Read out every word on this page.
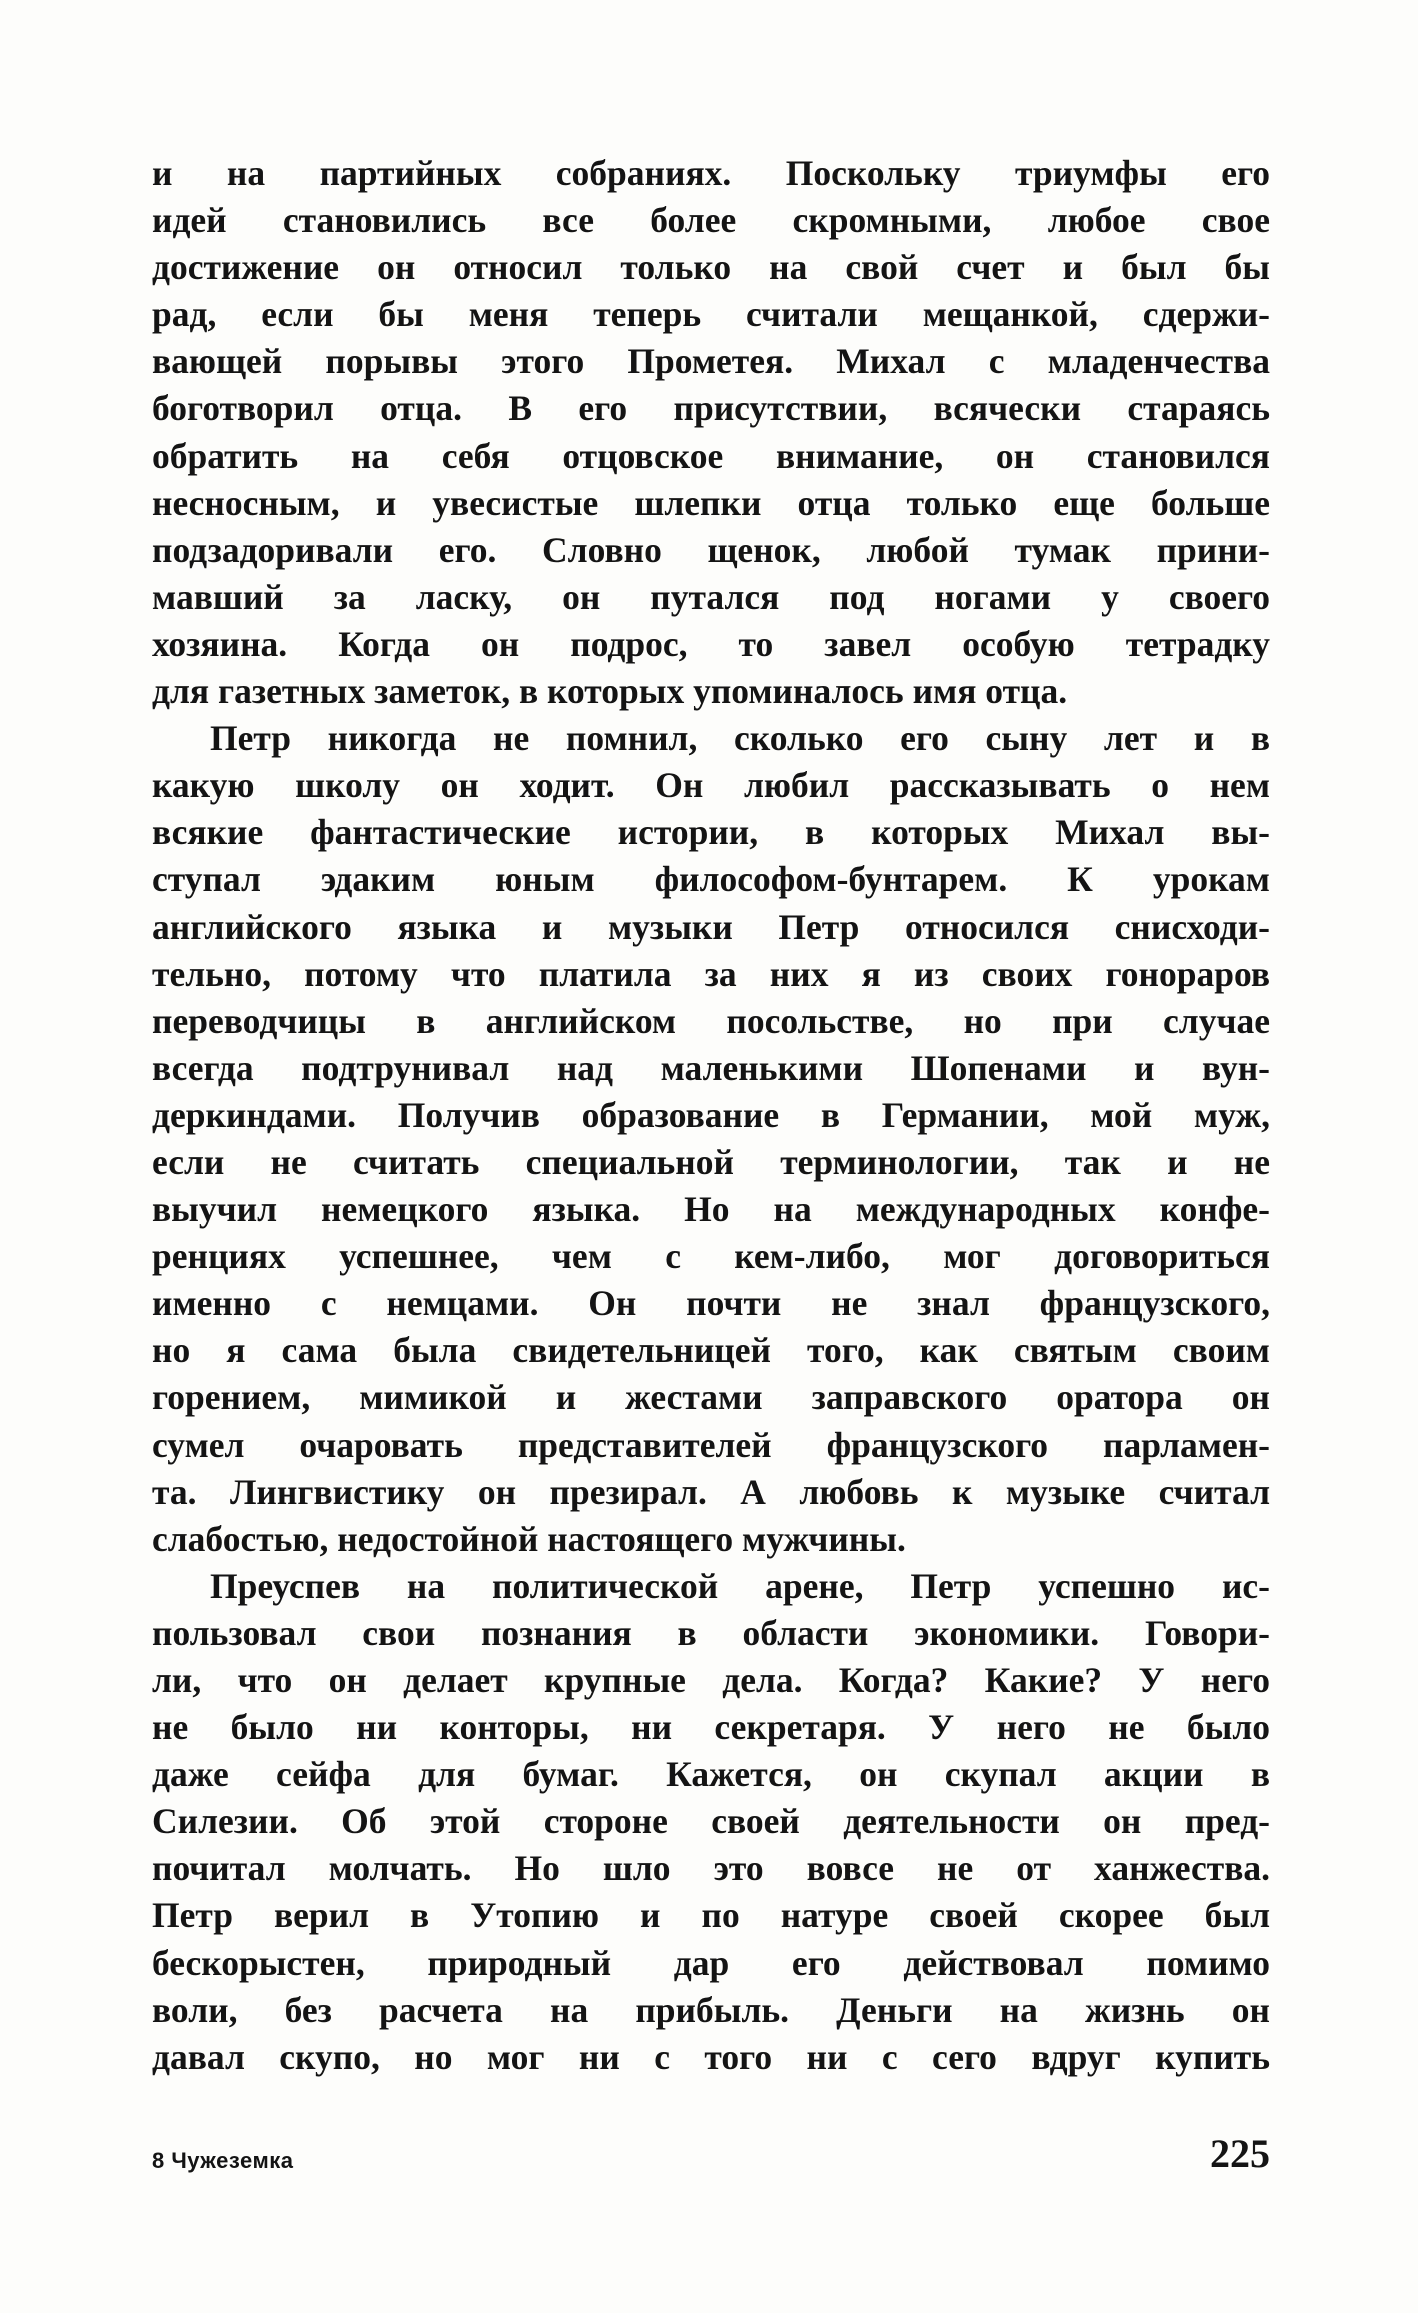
и на партийных собраниях. Поскольку триумфы его
идей становились все более скромными, любое свое
достижение он относил только на свой счет и был бы
рад, если бы меня теперь считали мещанкой, сдержи-
вающей порывы этого Прометея. Михал с младенчества
боготворил отца. В его присутствии, всячески стараясь
обратить на себя отцовское внимание, он становился
несносным, и увесистые шлепки отца только еще больше
подзадоривали его. Словно щенок, любой тумак прини-
мавший за ласку, он путался под ногами у своего
хозяина. Когда он подрос, то завел особую тетрадку
для газетных заметок, в которых упоминалось имя отца.
Петр никогда не помнил, сколько его сыну лет и в
какую школу он ходит. Он любил рассказывать о нем
всякие фантастические истории, в которых Михал вы-
ступал эдаким юным философом-бунтарем. К урокам
английского языка и музыки Петр относился снисходи-
тельно, потому что платила за них я из своих гонораров
переводчицы в английском посольстве, но при случае
всегда подтрунивал над маленькими Шопенами и вун-
деркиндами. Получив образование в Германии, мой муж,
если не считать специальной терминологии, так и не
выучил немецкого языка. Но на международных конфе-
ренциях успешнее, чем с кем-либо, мог договориться
именно с немцами. Он почти не знал французского,
но я сама была свидетельницей того, как святым своим
горением, мимикой и жестами заправского оратора он
сумел очаровать представителей французского парламен-
та. Лингвистику он презирал. А любовь к музыке считал
слабостью, недостойной настоящего мужчины.
Преуспев на политической арене, Петр успешно ис-
пользовал свои познания в области экономики. Говори-
ли, что он делает крупные дела. Когда? Какие? У него
не было ни конторы, ни секретаря. У него не было
даже сейфа для бумаг. Кажется, он скупал акции в
Силезии. Об этой стороне своей деятельности он пред-
почитал молчать. Но шло это вовсе не от ханжества.
Петр верил в Утопию и по натуре своей скорее был
бескорыстен, природный дар его действовал помимо
воли, без расчета на прибыль. Деньги на жизнь он
давал скупо, но мог ни с того ни с сего вдруг купить
8 Чужеземка	225
